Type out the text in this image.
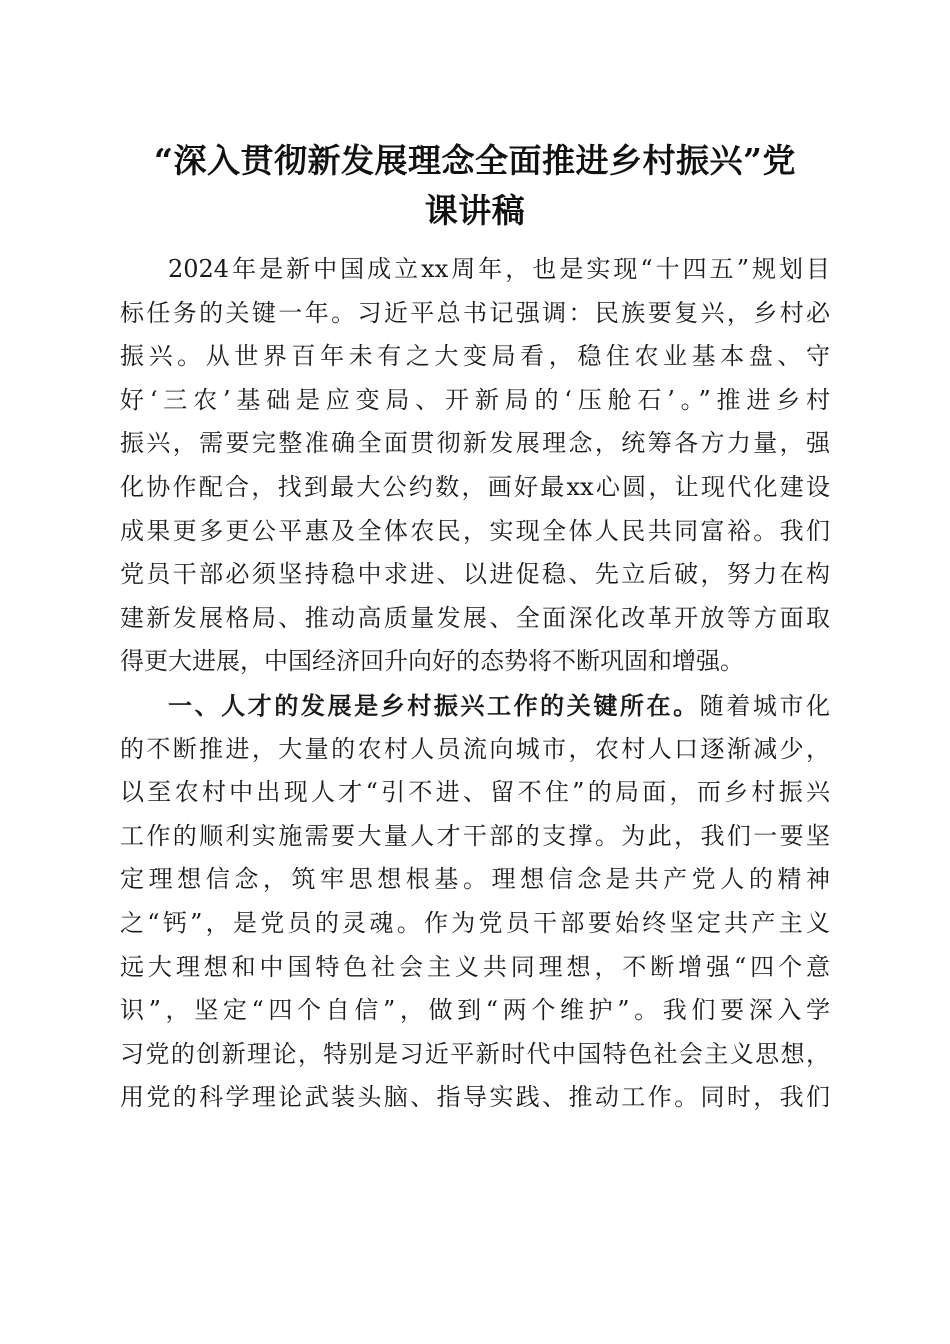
“深入贯彻新发展理念全面推进乡村振兴”党
课讲稿
2024年是新中国成立xx周年，也是实现“十四五”规划目
标任务的关键一年。习近平总书记强调：民族要复兴，乡村必
振兴。从世界百年未有之大变局看，稳住农业基本盘、守
好‘三农’基础是应变局、开新局的‘压舱石’。”推进乡村
振兴，需要完整准确全面贯彻新发展理念，统筹各方力量，强
化协作配合，找到最大公约数，画好最xx心圆，让现代化建设
成果更多更公平惠及全体农民，实现全体人民共同富裕。我们
党员干部必须坚持稳中求进、以进促稳、先立后破，努力在构
建新发展格局、推动高质量发展、全面深化改革开放等方面取
得更大进展，中国经济回升向好的态势将不断巩固和增强。
一、人才的发展是乡村振兴工作的关键所在。随着城市化
的不断推进，大量的农村人员流向城市，农村人口逐渐减少，
以至农村中出现人才“引不进、留不住”的局面，而乡村振兴
工作的顺利实施需要大量人才干部的支撑。为此，我们一要坚
定理想信念，筑牢思想根基。理想信念是共产党人的精神
之“钙”，是党员的灵魂。作为党员干部要始终坚定共产主义
远大理想和中国特色社会主义共同理想，不断增强“四个意
识”，坚定“四个自信”，做到“两个维护”。我们要深入学
习党的创新理论，特别是习近平新时代中国特色社会主义思想，
用党的科学理论武装头脑、指导实践、推动工作。同时，我们
